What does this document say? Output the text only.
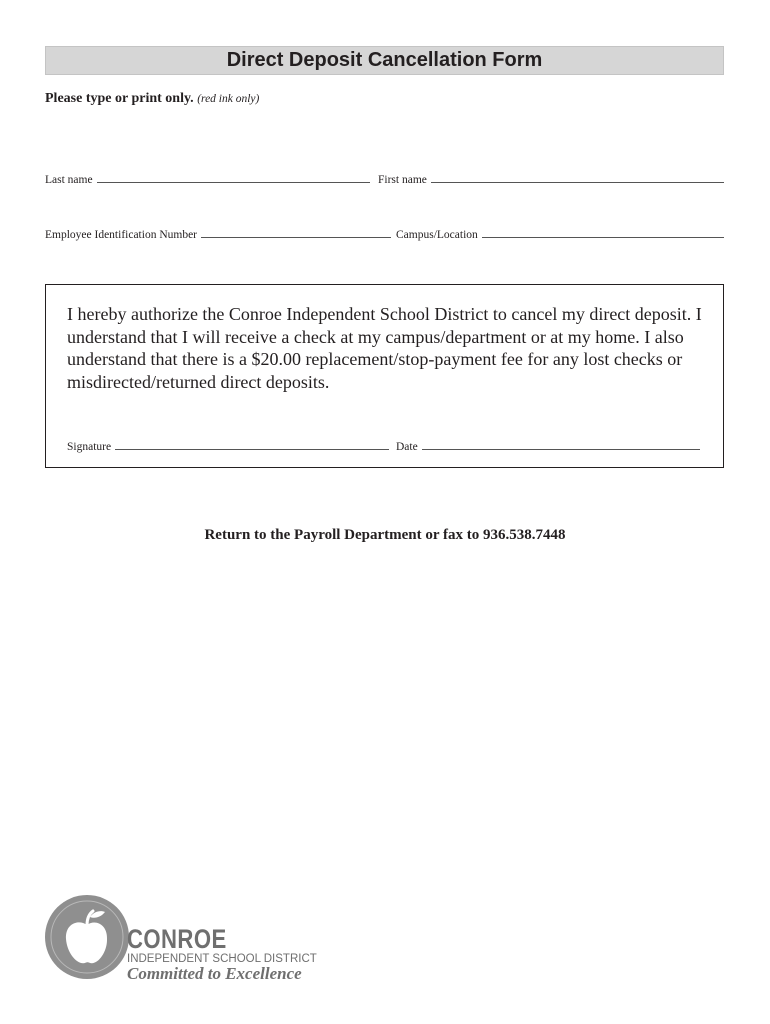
Direct Deposit Cancellation Form
Please type or print only. (red ink only)
Last name	First name
Employee Identification Number	Campus/Location

I hereby authorize the Conroe Independent School District to cancel my direct deposit. I understand that I will receive a check at my campus/department or at my home. I also understand that there is a $20.00 replacement/stop-payment fee for any lost checks or misdirected/returned direct deposits.

Signature	Date
Return to the Payroll Department or fax to 936.538.7448
CONROE
INDEPENDENT SCHOOL DISTRICT
Committed to Excellence
